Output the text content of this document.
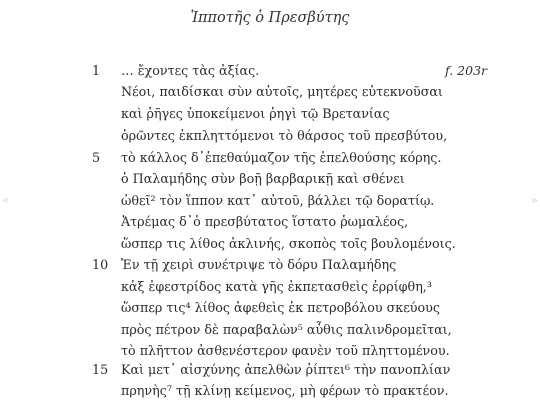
Ἱπποτῆς ὁ Πρεσβύτης
f. 203r
1
5
10
15
… ἔχοντες τὰς ἀξίας.
Νέοι, παιδίσκαι σὺν αὐτοῖς, μητέρες εὐτεκνοῦσαι
καὶ ῥῆγες ὑποκείμενοι ῥηγὶ τῷ Βρετανίας
ὁρῶντες ἐκπληττόμενοι τὸ θάρσος τοῦ πρεσβύτου,
τὸ κάλλος δ᾽ἐπεθαύμαζον τῆς ἐπελθούσης κόρης.
ὁ Παλαμήδης σὺν βοῇ βαρβαρικῇ καὶ σθένει
ὠθεῖ² τὸν ἵππον κατ᾽ αὐτοῦ, βάλλει τῷ δορατίῳ.
Ἀτρέμας δ᾽ὁ πρεσβύτατος ἵστατο ῥωμαλέος,
ὥσπερ τις λίθος ἀκλινής, σκοπὸς τοῖς βουλομένοις.
Ἐν τῇ χειρὶ συνέτριψε τὸ δόρυ Παλαμήδης
κἀξ ἐφεστρίδος κατὰ γῆς ἐκπετασθεὶς ἐρρίφθη,³
ὥσπερ τις⁴ λίθος ἀφεθεὶς ἐκ πετροβόλου σκεύους
πρὸς πέτρον δὲ παραβαλὼν⁵ αὖθις παλινδρομεῖται,
τὸ πλῆττον ἀσθενέστερον φανὲν τοῦ πληττομένου.
Καὶ μετ᾽ αἰσχύνης ἀπελθὼν ῥίπτει⁶ τὴν πανοπλίαν
πρηνὴς⁷ τῇ κλίνῃ κείμενος, μὴ φέρων τὸ πρακτέον.
«	»
